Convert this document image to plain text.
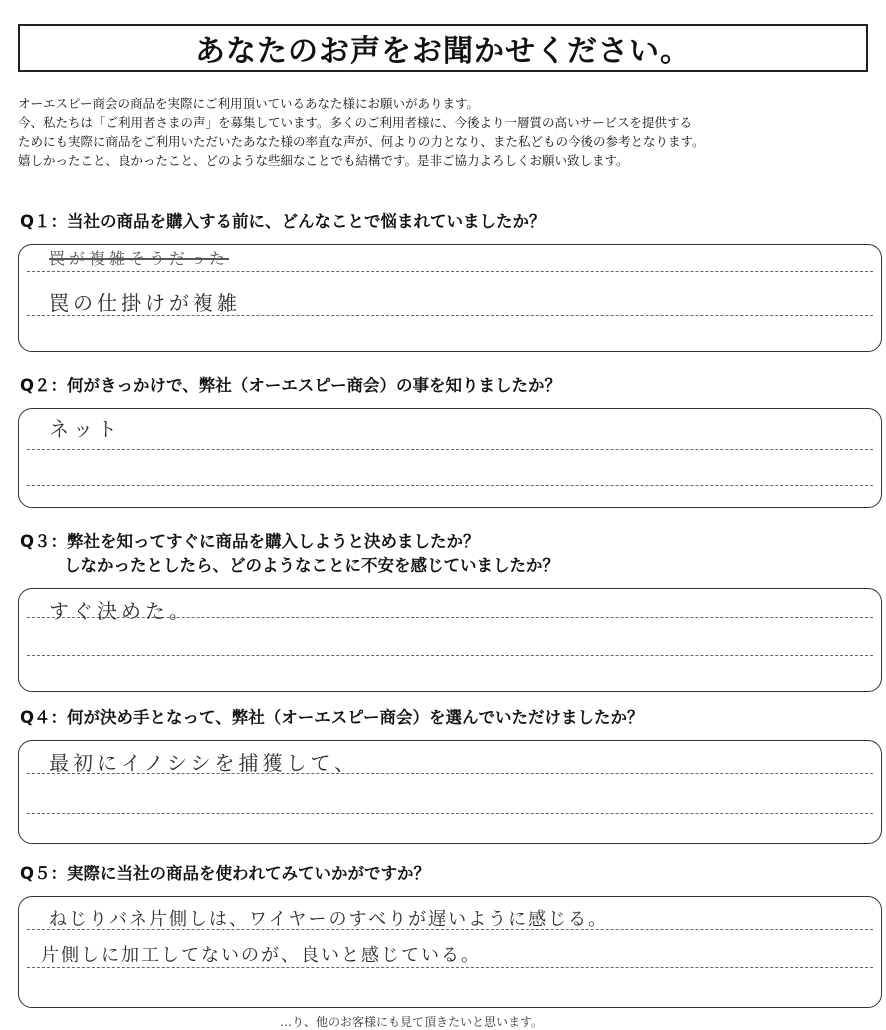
あなたのお声をお聞かせください。

オーエスピー商会の商品を実際にご利用頂いているあなた様にお願いがあります。

今、私たちは「ご利用者さまの声」を募集しています。多くのご利用者様に、今後より一層質の高いサービスを提供する

ためにも実際に商品をご利用いただいたあなた様の率直な声が、何よりの力となり、また私どもの今後の参考となります。

嬉しかったこと、良かったこと、どのような些細なことでも結構です。是非ご協力よろしくお願い致します。

Q１：当社の商品を購入する前に、どんなことで悩まれていましたか？
罠が複雑そうだった
罠の仕掛けが複雑
Q２：何がきっかけで、弊社（オーエスピー商会）の事を知りましたか？
ネット
Q３：弊社を知ってすぐに商品を購入しようと決めましたか？
しなかったとしたら、どのようなことに不安を感じていましたか？
すぐ決めた。
Q４：何が決め手となって、弊社（オーエスピー商会）を選んでいただけましたか？
最初にイノシシを捕獲して、
Q５：実際に当社の商品を使われてみていかがですか？
ねじりバネ片側しは、ワイヤーのすべりが遅いように感じる。
片側しに加工してないのが、良いと感じている。
…り、他のお客様にも見て頂きたいと思います。
